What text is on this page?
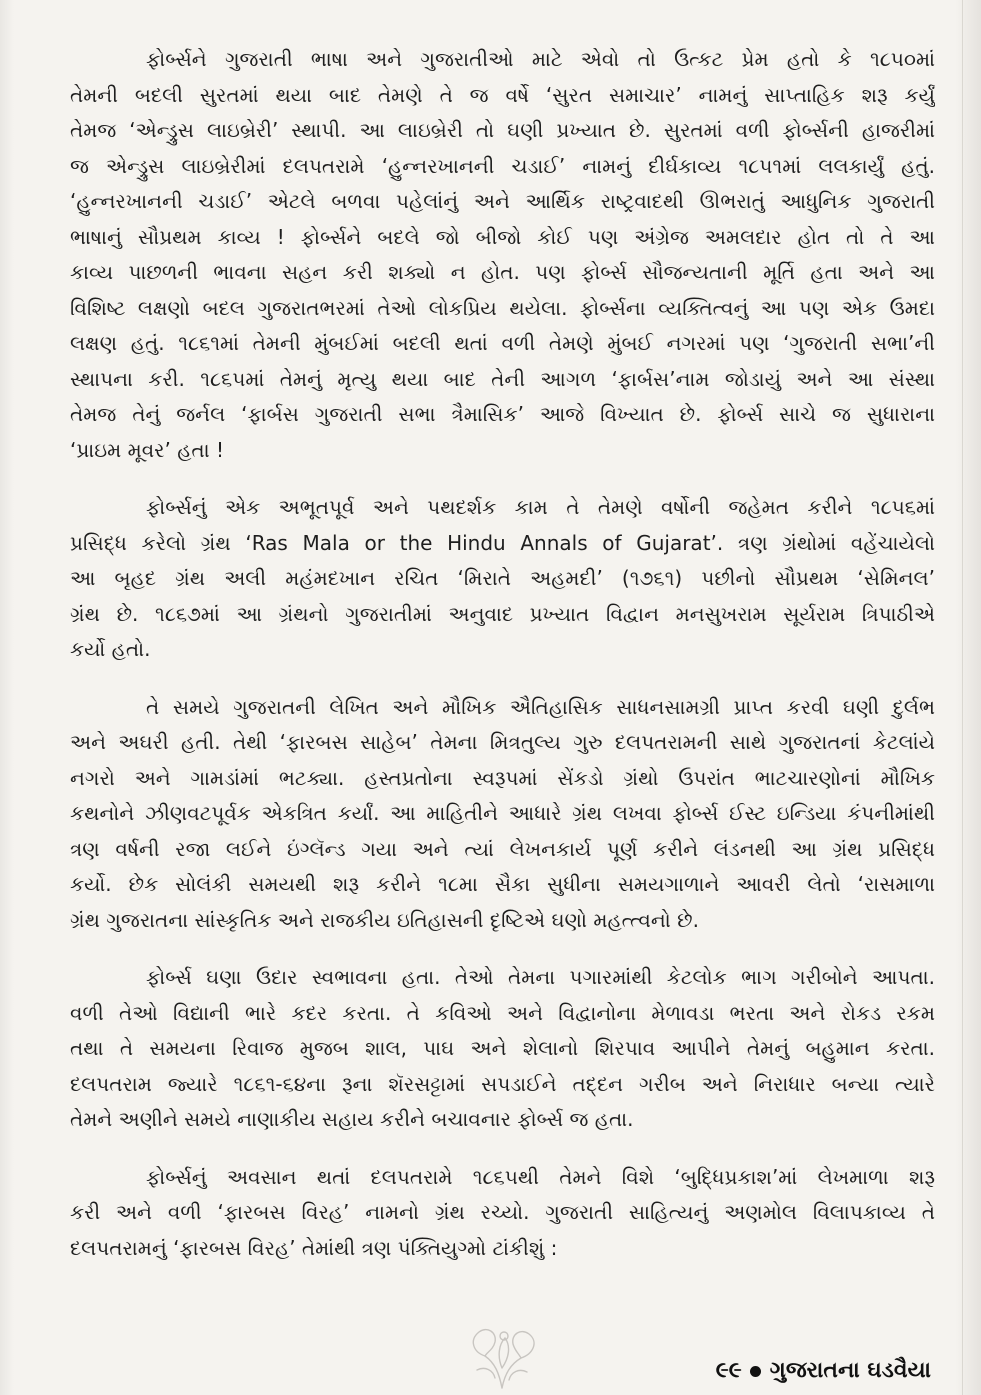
ફોર્બ્સને ગુજરાતી ભાષા અને ગુજરાતીઓ માટે એવો તો ઉત્કટ પ્રેમ હતો કે ૧૮૫૦માં
તેમની બદલી સુરતમાં થયા બાદ તેમણે તે જ વર્ષે ‘સુરત સમાચાર’ નામનું સાપ્તાહિક શરૂ કર્યું
તેમજ ‘એન્ડ્રુસ લાઇબ્રેરી’ સ્થાપી. આ લાઇબ્રેરી તો ઘણી પ્રખ્યાત છે. સુરતમાં વળી ફોર્બ્સની હાજરીમાં
જ એન્ડ્રુસ લાઇબ્રેરીમાં દલપતરામે ‘હુન્નરખાનની ચડાઈ’ નામનું દીર્ઘકાવ્ય ૧૮૫૧માં લલકાર્યું હતું.
‘હુન્નરખાનની ચડાઈ’ એટલે બળવા પહેલાંનું અને આર્થિક રાષ્ટ્રવાદથી ઊભરાતું આધુનિક ગુજરાતી
ભાષાનું સૌપ્રથમ કાવ્ય ! ફોર્બ્સને બદલે જો બીજો કોઈ પણ અંગ્રેજ અમલદાર હોત તો તે આ
કાવ્ય પાછળની ભાવના સહન કરી શક્યો ન હોત. પણ ફોર્બ્સ સૌજન્યતાની મૂર્તિ હતા અને આ
વિશિષ્ટ લક્ષણો બદલ ગુજરાતભરમાં તેઓ લોકપ્રિય થયેલા. ફોર્બ્સના વ્યક્તિત્વનું આ પણ એક ઉમદા
લક્ષણ હતું. ૧૮૬૧માં તેમની મુંબઈમાં બદલી થતાં વળી તેમણે મુંબઈ નગરમાં પણ ‘ગુજરાતી સભા’ની
સ્થાપના કરી. ૧૮૬૫માં તેમનું મૃત્યુ થયા બાદ તેની આગળ ‘ફાર્બસ’નામ જોડાયું અને આ સંસ્થા
તેમજ તેનું જર્નલ ‘ફાર્બસ ગુજરાતી સભા ત્રૈમાસિક’ આજે વિખ્યાત છે. ફોર્બ્સ સાચે જ સુધારાના
‘પ્રાઇમ મૂવર’ હતા !
ફોર્બ્સનું એક અભૂતપૂર્વ અને પથદર્શક કામ તે તેમણે વર્ષોની જહેમત કરીને ૧૮૫૬માં
પ્રસિદ્ધ કરેલો ગ્રંથ ‘Ras Mala or the Hindu Annals of Gujarat’. ત્રણ ગ્રંથોમાં વહેંચાયેલો
આ બૃહદ ગ્રંથ અલી મહંમદખાન રચિત ‘મિરાતે અહમદી’ (૧૭૬૧) પછીનો સૌપ્રથમ ‘સેમિનલ’
ગ્રંથ છે. ૧૮૬૭માં આ ગ્રંથનો ગુજરાતીમાં અનુવાદ પ્રખ્યાત વિદ્વાન મનસુખરામ સૂર્યરામ ત્રિપાઠીએ
કર્યો હતો.
તે સમયે ગુજરાતની લેખિત અને મૌખિક ઐતિહાસિક સાધનસામગ્રી પ્રાપ્ત કરવી ઘણી દુર્લભ
અને અઘરી હતી. તેથી ‘ફારબસ સાહેબ’ તેમના મિત્રતુલ્ય ગુરુ દલપતરામની સાથે ગુજરાતનાં કેટલાંયે
નગરો અને ગામડાંમાં ભટક્યા. હસ્તપ્રતોના સ્વરૂપમાં સેંકડો ગ્રંથો ઉપરાંત ભાટચારણોનાં મૌખિક
કથનોને ઝીણવટપૂર્વક એકત્રિત કર્યાં. આ માહિતીને આધારે ગ્રંથ લખવા ફોર્બ્સ ઈસ્ટ ઇન્ડિયા કંપનીમાંથી
ત્રણ વર્ષની રજા લઈને ઇંગ્લૅન્ડ ગયા અને ત્યાં લેખનકાર્ય પૂર્ણ કરીને લંડનથી આ ગ્રંથ પ્રસિદ્ધ
કર્યો. છેક સોલંકી સમયથી શરૂ કરીને ૧૮મા સૈકા સુધીના સમયગાળાને આવરી લેતો ‘રાસમાળા
ગ્રંથ ગુજરાતના સાંસ્કૃતિક અને રાજકીય ઇતિહાસની દૃષ્ટિએ ઘણો મહત્ત્વનો છે.
ફોર્બ્સ ઘણા ઉદાર સ્વભાવના હતા. તેઓ તેમના પગારમાંથી કેટલોક ભાગ ગરીબોને આપતા.
વળી તેઓ વિદ્યાની ભારે કદર કરતા. તે કવિઓ અને વિદ્વાનોના મેળાવડા ભરતા અને રોકડ રકમ
તથા તે સમયના રિવાજ મુજબ શાલ, પાઘ અને શેલાનો શિરપાવ આપીને તેમનું બહુમાન કરતા.
દલપતરામ જ્યારે ૧૮૬૧-૬૪ના રૂના શૅરસટ્ટામાં સપડાઈને તદ્દન ગરીબ અને નિરાધાર બન્યા ત્યારે
તેમને અણીને સમયે નાણાકીય સહાય કરીને બચાવનાર ફોર્બ્સ જ હતા.
ફોર્બ્સનું અવસાન થતાં દલપતરામે ૧૮૬૫થી તેમને વિશે ‘બુદ્ધિપ્રકાશ’માં લેખમાળા શરૂ
કરી અને વળી ‘ફારબસ વિરહ’ નામનો ગ્રંથ રચ્યો. ગુજરાતી સાહિત્યનું અણમોલ વિલાપકાવ્ય તે
દલપતરામનું ‘ફારબસ વિરહ’ તેમાંથી ત્રણ પંક્તિયુગ્મો ટાંકીશું :
૯૯ ગુજરાતના ઘડવૈયા
